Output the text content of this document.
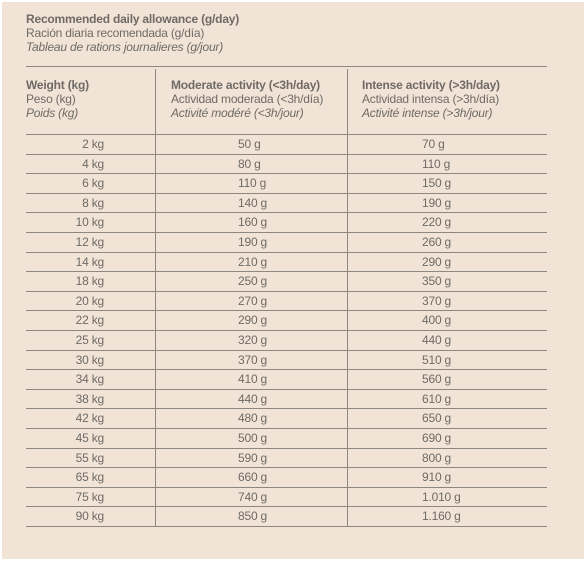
Recommended daily allowance (g/day)
Ración diaria recomendada (g/día)
Tableau de rations journalieres (g/jour)
Weight (kg)
Peso (kg)
Poids (kg)
Moderate activity (<3h/day)
Actividad moderada (<3h/día)
Activité modéré (<3h/jour)
Intense activity (>3h/day)
Actividad intensa (>3h/día)
Activité intense (>3h/jour)
2 kg	50 g	70 g
4 kg	80 g	110 g
6 kg	110 g	150 g
8 kg	140 g	190 g
10 kg	160 g	220 g
12 kg	190 g	260 g
14 kg	210 g	290 g
18 kg	250 g	350 g
20 kg	270 g	370 g
22 kg	290 g	400 g
25 kg	320 g	440 g
30 kg	370 g	510 g
34 kg	410 g	560 g
38 kg	440 g	610 g
42 kg	480 g	650 g
45 kg	500 g	690 g
55 kg	590 g	800 g
65 kg	660 g	910 g
75 kg	740 g	1.010 g
90 kg	850 g	1.160 g
